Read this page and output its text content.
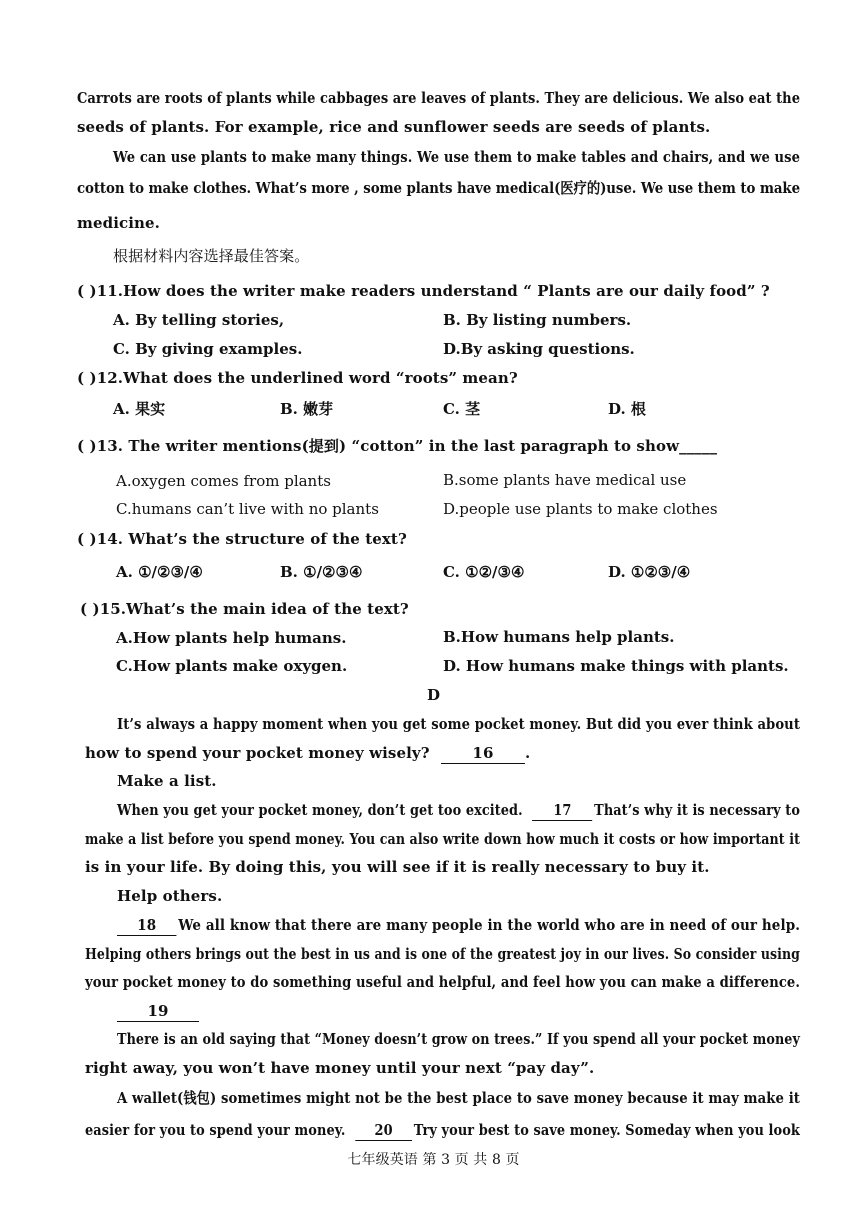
Carrots are roots of plants while cabbages are leaves of plants. They are delicious. We also eat the
seeds of plants. For example, rice and sunflower seeds are seeds of plants.
We can use plants to make many things. We use them to make tables and chairs, and we use
cotton to make clothes. What’s more , some plants have medical(医疗的)use. We use them to make
medicine.
根据材料内容选择最佳答案。
( )11.How does the writer make readers understand “ Plants are our daily food” ?
A. By telling stories,	B. By listing numbers.
C. By giving examples.	D.By asking questions.
( )12.What does the underlined word “roots” mean?
A. 果实	B. 嫩芽	C. 茎	D. 根
( )13. The writer mentions(提到) “cotton” in the last paragraph to show_____
A.oxygen comes from plants	B.some plants have medical use
C.humans can’t live with no plants	D.people use plants to make clothes
( )14. What’s the structure of the text?
A. ①/②③/④	B. ①/②③④	C. ①②/③④	D. ①②③/④
( )15.What’s the main idea of the text?
A.How plants help humans.	B.How humans help plants.
C.How plants make oxygen.	D. How humans make things with plants.
D
It’s always a happy moment when you get some pocket money. But did you ever think about
how to spend your pocket money wisely?	16 .
Make a list.
When you get your pocket money, don’t get too excited. 17 That’s why it is necessary to
make a list before you spend money. You can also write down how much it costs or how important it
is in your life. By doing this, you will see if it is really necessary to buy it.
Help others.
18 We all know that there are many people in the world who are in need of our help.
Helping others brings out the best in us and is one of the greatest joy in our lives. So consider using
your pocket money to do something useful and helpful, and feel how you can make a difference.
19
There is an old saying that “Money doesn’t grow on trees.” If you spend all your pocket money
right away, you won’t have money until your next “pay day”.
A wallet(钱包) sometimes might not be the best place to save money because it may make it
easier for you to spend your money. 20 Try your best to save money. Someday when you look
七年级英语 第 3 页 共 8 页
